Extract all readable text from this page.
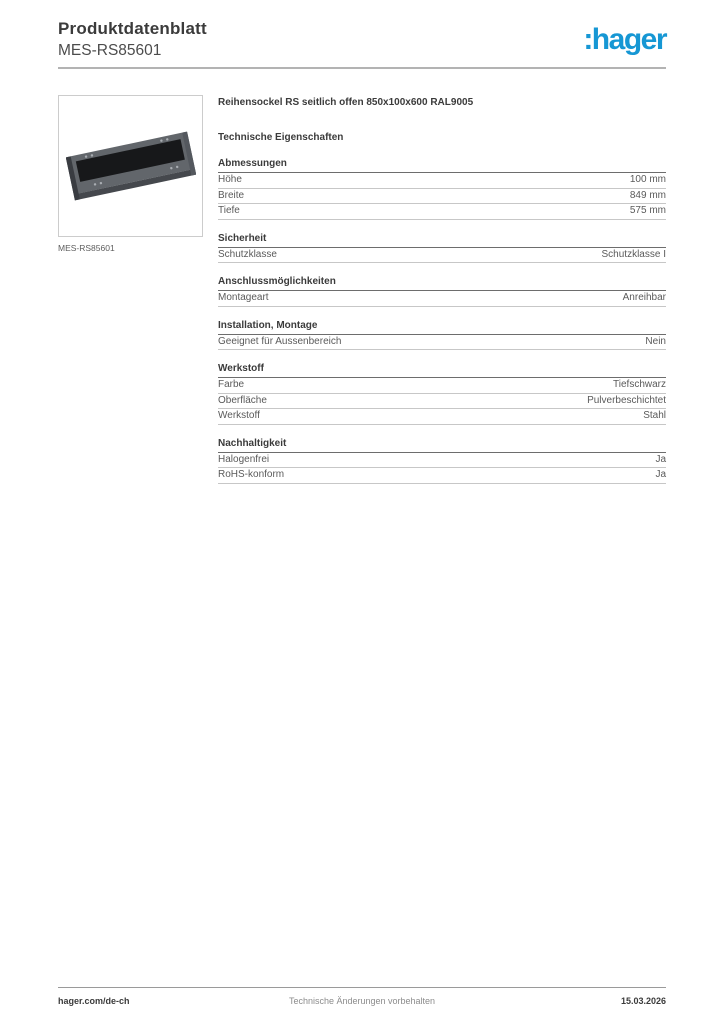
Produktdatenblatt
MES-RS85601	:hager
MES-RS85601
Reihensockel RS seitlich offen 850x100x600 RAL9005
Technische Eigenschaften
Abmessungen
Höhe	100 mm
Breite	849 mm
Tiefe	575 mm
Sicherheit
Schutzklasse	Schutzklasse I
Anschlussmöglichkeiten
Montageart	Anreihbar
Installation, Montage
Geeignet für Aussenbereich	Nein
Werkstoff
Farbe	Tiefschwarz
Oberfläche	Pulverbeschichtet
Werkstoff	Stahl
Nachhaltigkeit
Halogenfrei	Ja
RoHS-konform	Ja
hager.com/de-ch	Technische Änderungen vorbehalten	15.03.2026
